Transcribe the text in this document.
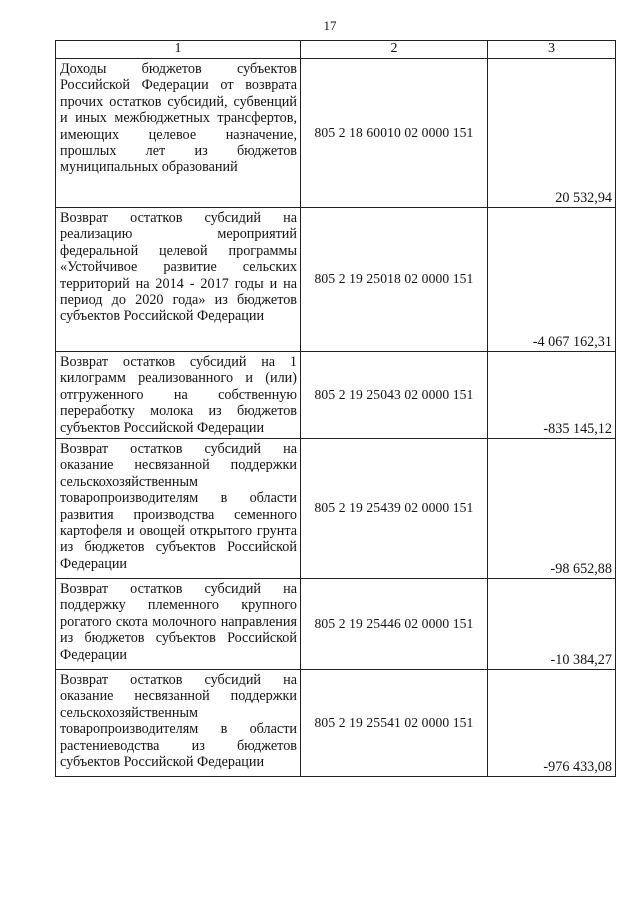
17
1	2	3
Доходы бюджетов субъектов Российской Федерации от возврата прочих остатков субсидий, субвенций и иных межбюджетных трансфертов, имеющих целевое назначение, прошлых лет из бюджетов муниципальных образований	805 2 18 60010 02 0000 151	20 532,94
Возврат остатков субсидий на реализацию мероприятий федеральной целевой программы «Устойчивое развитие сельских территорий на 2014 - 2017 годы и на период до 2020 года» из бюджетов субъектов Российской Федерации	805 2 19 25018 02 0000 151	-4 067 162,31
Возврат остатков субсидий на 1 килограмм реализованного и (или) отгруженного на собственную переработку молока из бюджетов субъектов Российской Федерации	805 2 19 25043 02 0000 151	-835 145,12
Возврат остатков субсидий на оказание несвязанной поддержки сельскохозяйственным товаропроизводителям в области развития производства семенного картофеля и овощей открытого грунта из бюджетов субъектов Российской Федерации	805 2 19 25439 02 0000 151	-98 652,88
Возврат остатков субсидий на поддержку племенного крупного рогатого скота молочного направления из бюджетов субъектов Российской Федерации	805 2 19 25446 02 0000 151	-10 384,27
Возврат остатков субсидий на оказание несвязанной поддержки сельскохозяйственным товаропроизводителям в области растениеводства из бюджетов субъектов Российской Федерации	805 2 19 25541 02 0000 151	-976 433,08
